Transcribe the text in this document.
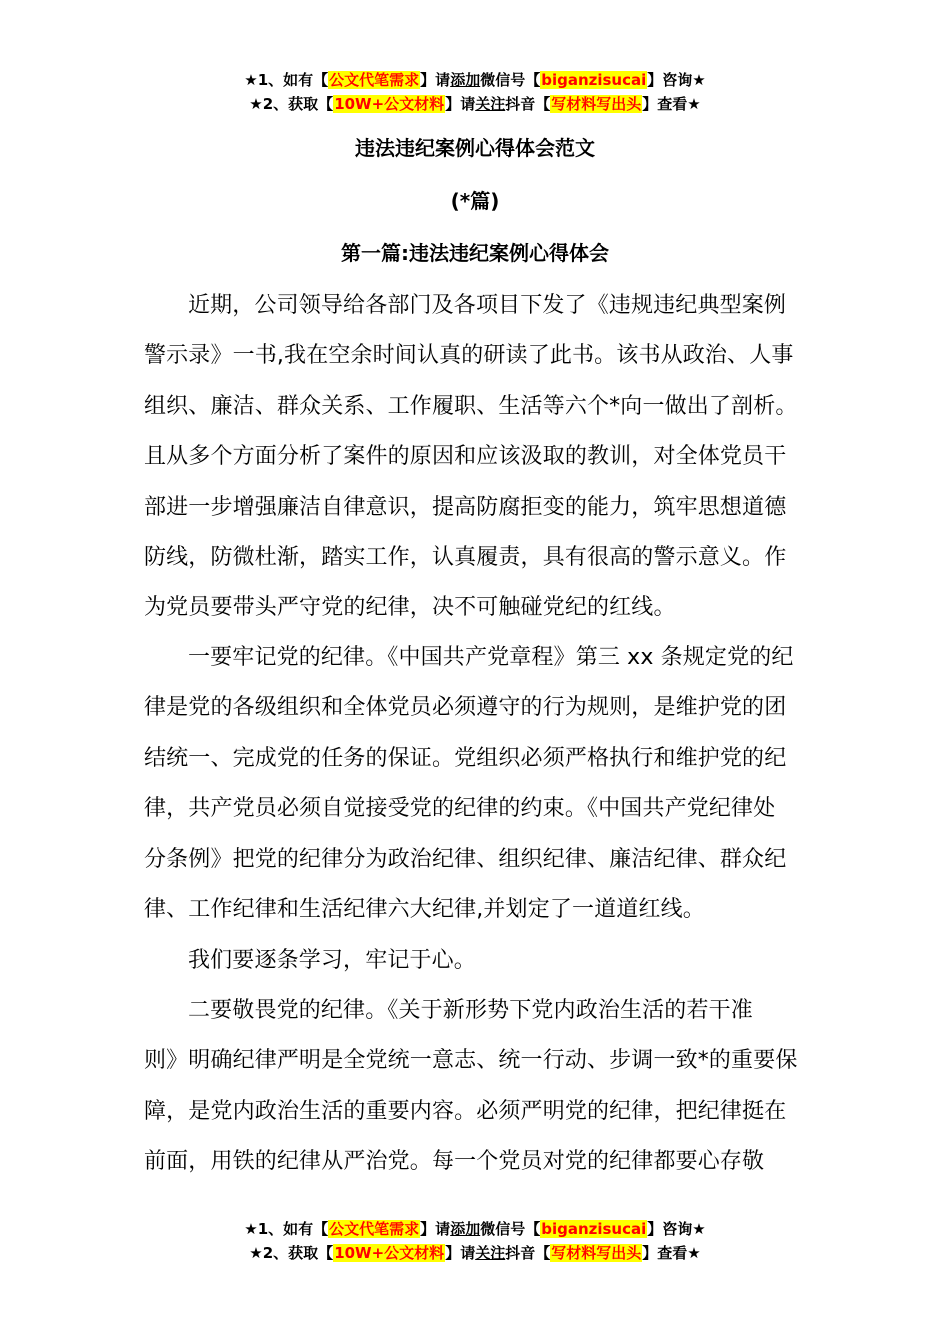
★1、如有【公文代笔需求】请添加微信号【biganzisucai】咨询★
★2、获取【10W+公文材料】请关注抖音【写材料写出头】查看★
违法违纪案例心得体会范文
(*篇)
第一篇:违法违纪案例心得体会
近期，公司领导给各部门及各项目下发了《违规违纪典型案例
警示录》一书,我在空余时间认真的研读了此书。该书从政治、人事
组织、廉洁、群众关系、工作履职、生活等六个*向一做出了剖析。
且从多个方面分析了案件的原因和应该汲取的教训，对全体党员干
部进一步增强廉洁自律意识，提高防腐拒变的能力，筑牢思想道德
防线，防微杜渐，踏实工作，认真履责，具有很高的警示意义。作
为党员要带头严守党的纪律，决不可触碰党纪的红线。
一要牢记党的纪律。《中国共产党章程》第三 xx 条规定党的纪
律是党的各级组织和全体党员必须遵守的行为规则，是维护党的团
结统一、完成党的任务的保证。党组织必须严格执行和维护党的纪
律，共产党员必须自觉接受党的纪律的约束。《中国共产党纪律处
分条例》把党的纪律分为政治纪律、组织纪律、廉洁纪律、群众纪
律、工作纪律和生活纪律六大纪律,并划定了一道道红线。
我们要逐条学习，牢记于心。
二要敬畏党的纪律。《关于新形势下党内政治生活的若干准
则》明确纪律严明是全党统一意志、统一行动、步调一致*的重要保
障，是党内政治生活的重要内容。必须严明党的纪律，把纪律挺在
前面，用铁的纪律从严治党。每一个党员对党的纪律都要心存敬
★1、如有【公文代笔需求】请添加微信号【biganzisucai】咨询★
★2、获取【10W+公文材料】请关注抖音【写材料写出头】查看★
